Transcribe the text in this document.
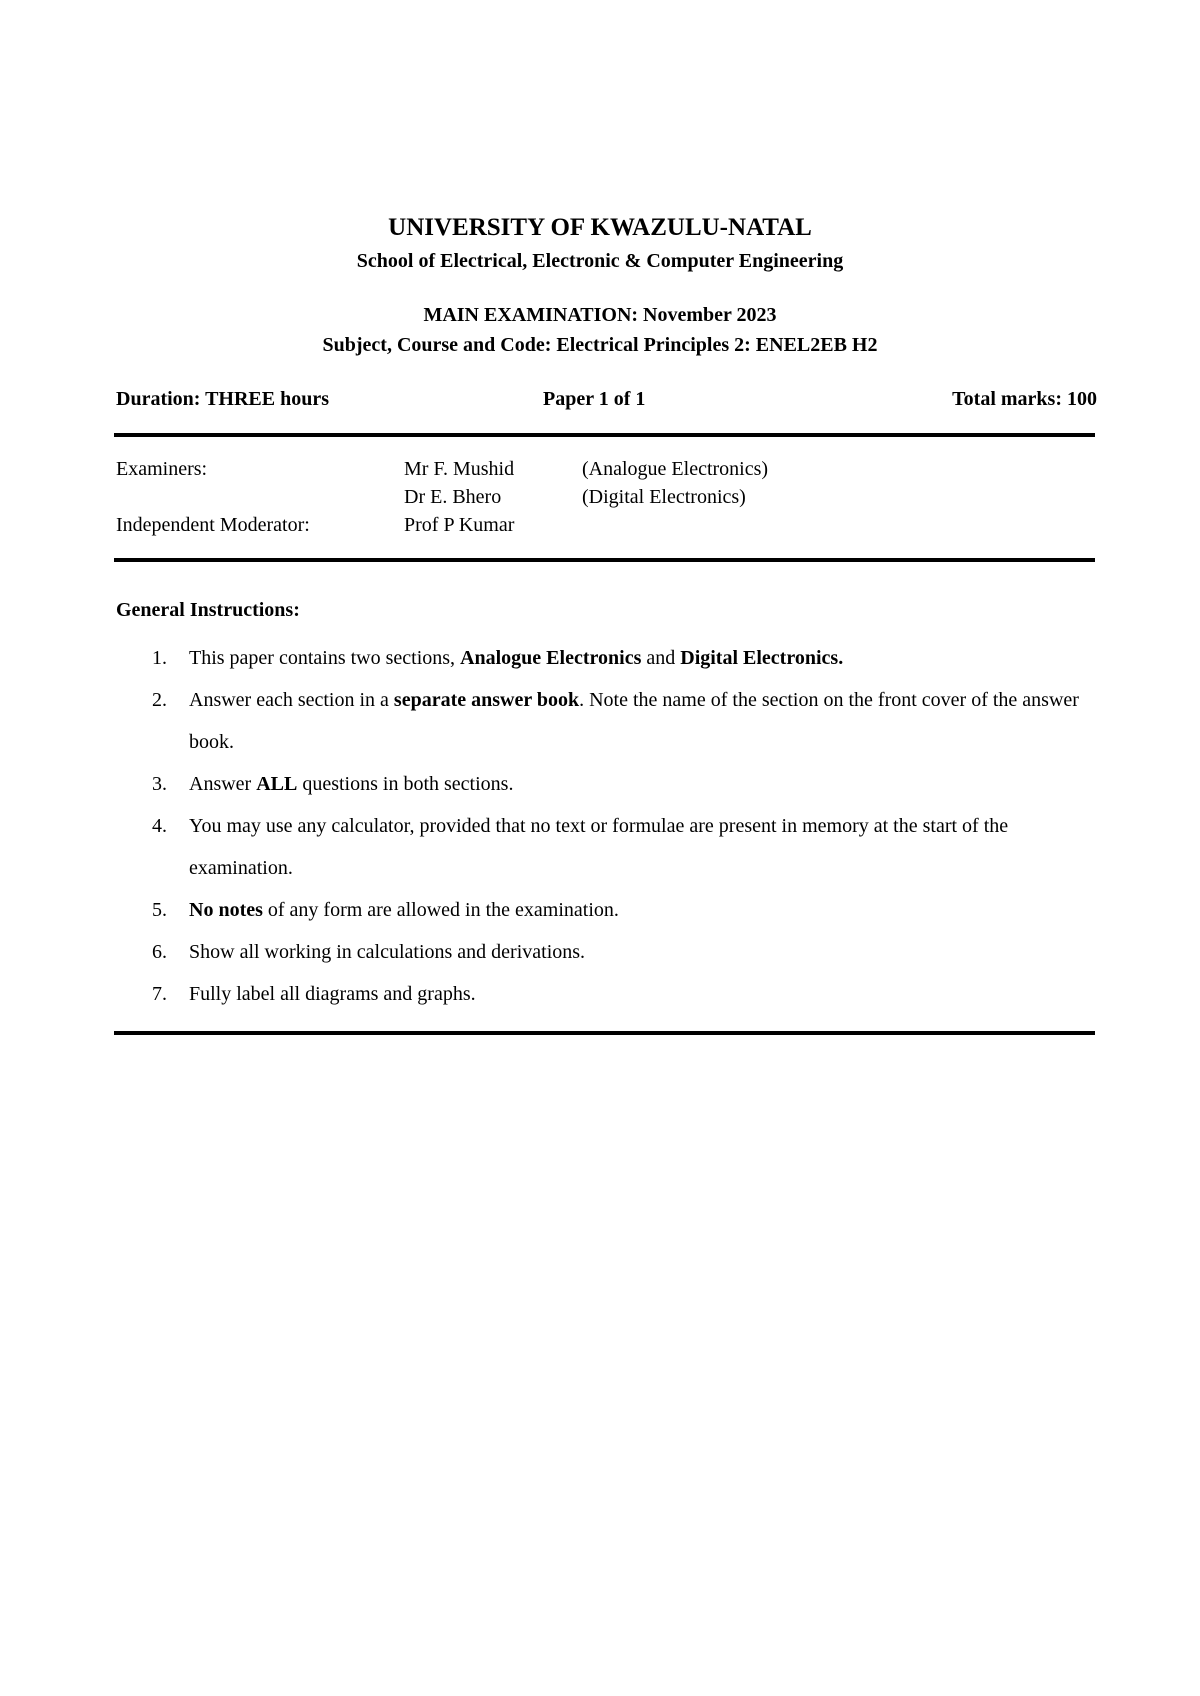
UNIVERSITY OF KWAZULU-NATAL
School of Electrical, Electronic & Computer Engineering
MAIN EXAMINATION: November 2023
Subject, Course and Code: Electrical Principles 2: ENEL2EB H2
Duration: THREE hours	Paper 1 of 1	Total marks: 100
Examiners:	Mr F. Mushid	(Analogue Electronics)
Dr E. Bhero	(Digital Electronics)
Independent Moderator:	Prof P Kumar
General Instructions:
1. This paper contains two sections, Analogue Electronics and Digital Electronics.
2. Answer each section in a separate answer book. Note the name of the section on the front cover of the answer book.
3. Answer ALL questions in both sections.
4. You may use any calculator, provided that no text or formulae are present in memory at the start of the examination.
5. No notes of any form are allowed in the examination.
6. Show all working in calculations and derivations.
7. Fully label all diagrams and graphs.
